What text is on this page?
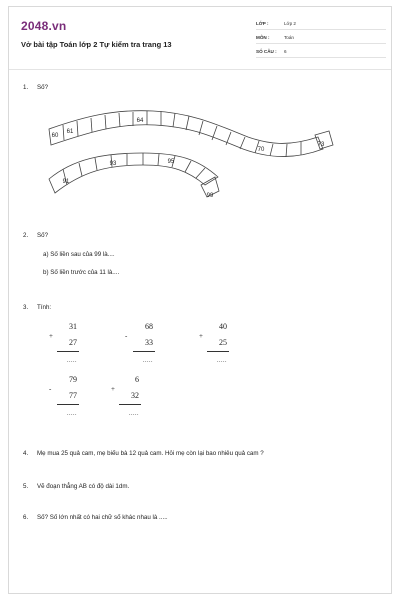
2048.vn
Vở bài tập Toán lớp 2 Tự kiểm tra trang 13
LỚP :	Lớp 2
MÔN :	Toán
SỐ CÂU : 6
1. Số?
60
61
64
70
73
95
93
91
99
2. Số?
a) Số liền sau của 99 là....
b) Số liền trước của 11 là....
3. Tính:
31
+
27
.....
68
-
33
.....
40
+
25
.....
79
-
77
.....
6
+
32
.....
4. Mẹ mua 25 quả cam, mẹ biếu bà 12 quả cam. Hỏi mẹ còn lại bao nhiêu quả cam ?
5. Vẽ đoạn thẳng AB có độ dài 1dm.
6. Số? Số lớn nhất có hai chữ số khác nhau là .....
